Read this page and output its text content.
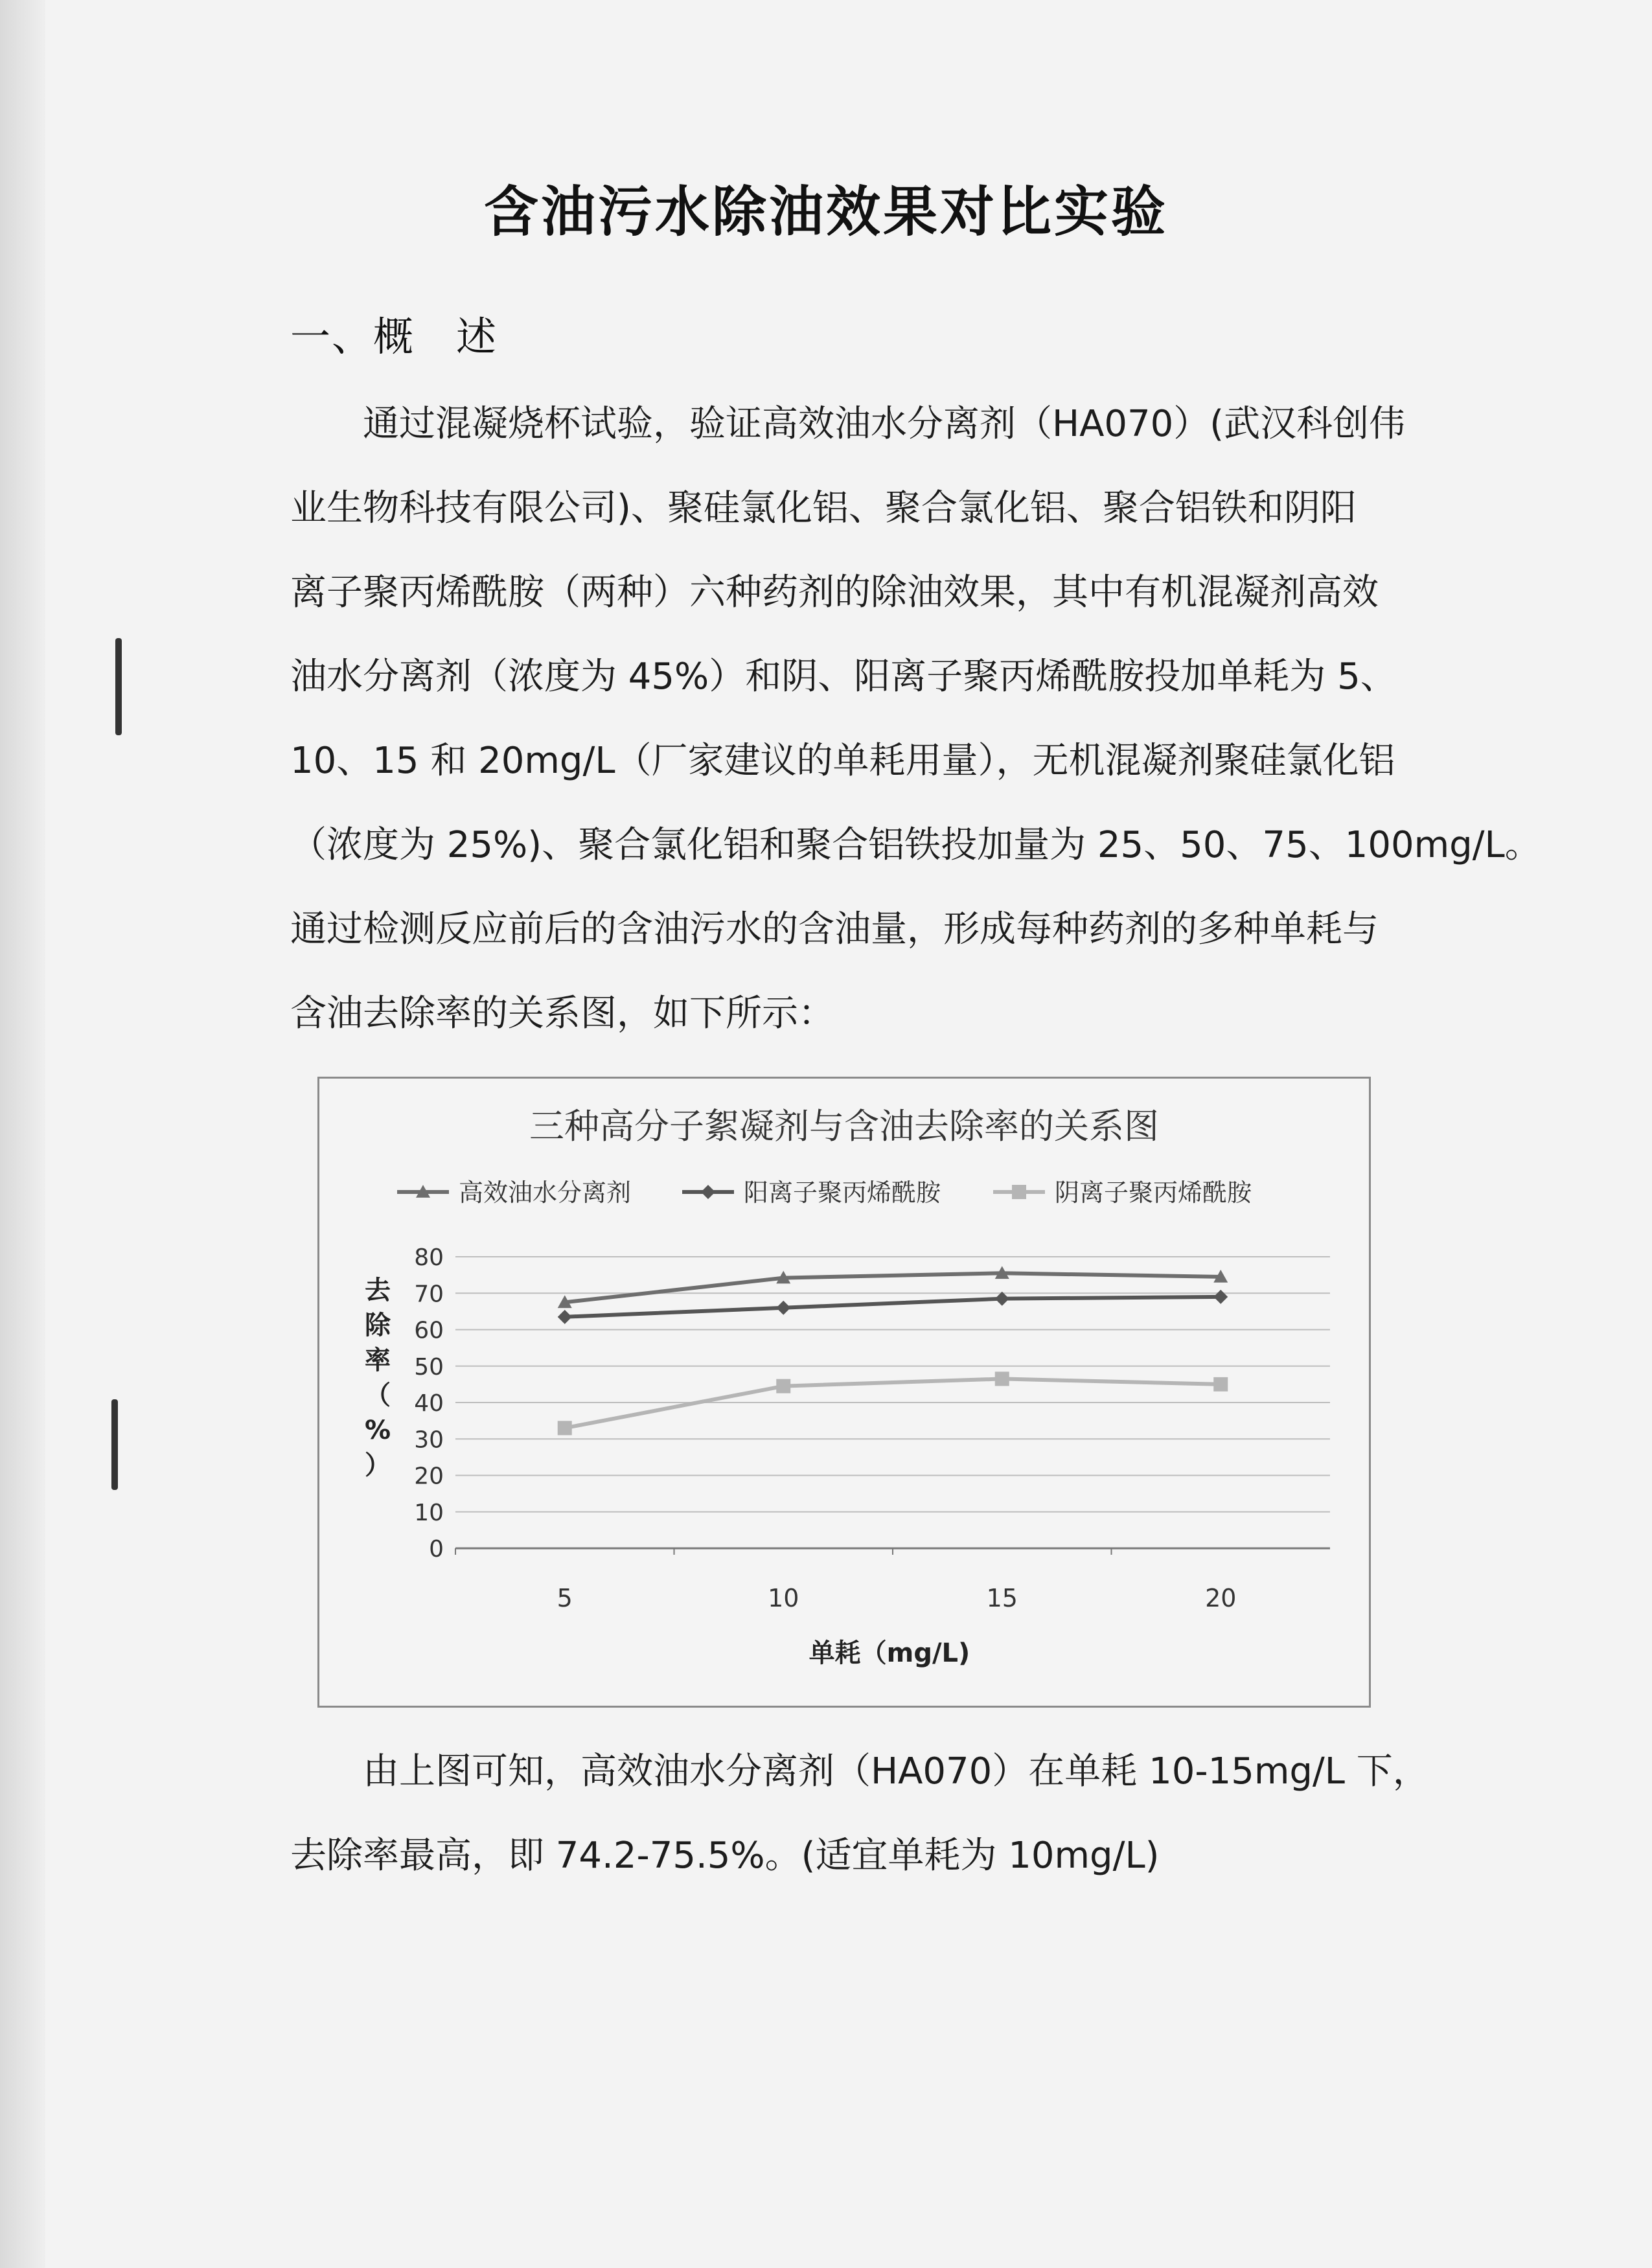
含油污水除油效果对比实验
一、概　述
通过混凝烧杯试验，验证高效油水分离剂（HA070）(武汉科创伟
业生物科技有限公司)、聚硅氯化铝、聚合氯化铝、聚合铝铁和阴阳
离子聚丙烯酰胺（两种）六种药剂的除油效果，其中有机混凝剂高效
油水分离剂（浓度为 45%）和阴、阳离子聚丙烯酰胺投加单耗为 5、
10、15 和 20mg/L（厂家建议的单耗用量），无机混凝剂聚硅氯化铝
（浓度为 25%)、聚合氯化铝和聚合铝铁投加量为 25、50、75、100mg/L。
通过检测反应前后的含油污水的含油量，形成每种药剂的多种单耗与
含油去除率的关系图，如下所示：
三种高分子絮凝剂与含油去除率的关系图
高效油水分离剂	阳离子聚丙烯酰胺	阴离子聚丙烯酰胺
0
10
20
30
40
50
60
70
80
5	10	15	20
单耗（mg/L)
去
除
率
（
%
）
由上图可知，高效油水分离剂（HA070）在单耗 10-15mg/L 下，
去除率最高，即 74.2-75.5%。(适宜单耗为 10mg/L)
